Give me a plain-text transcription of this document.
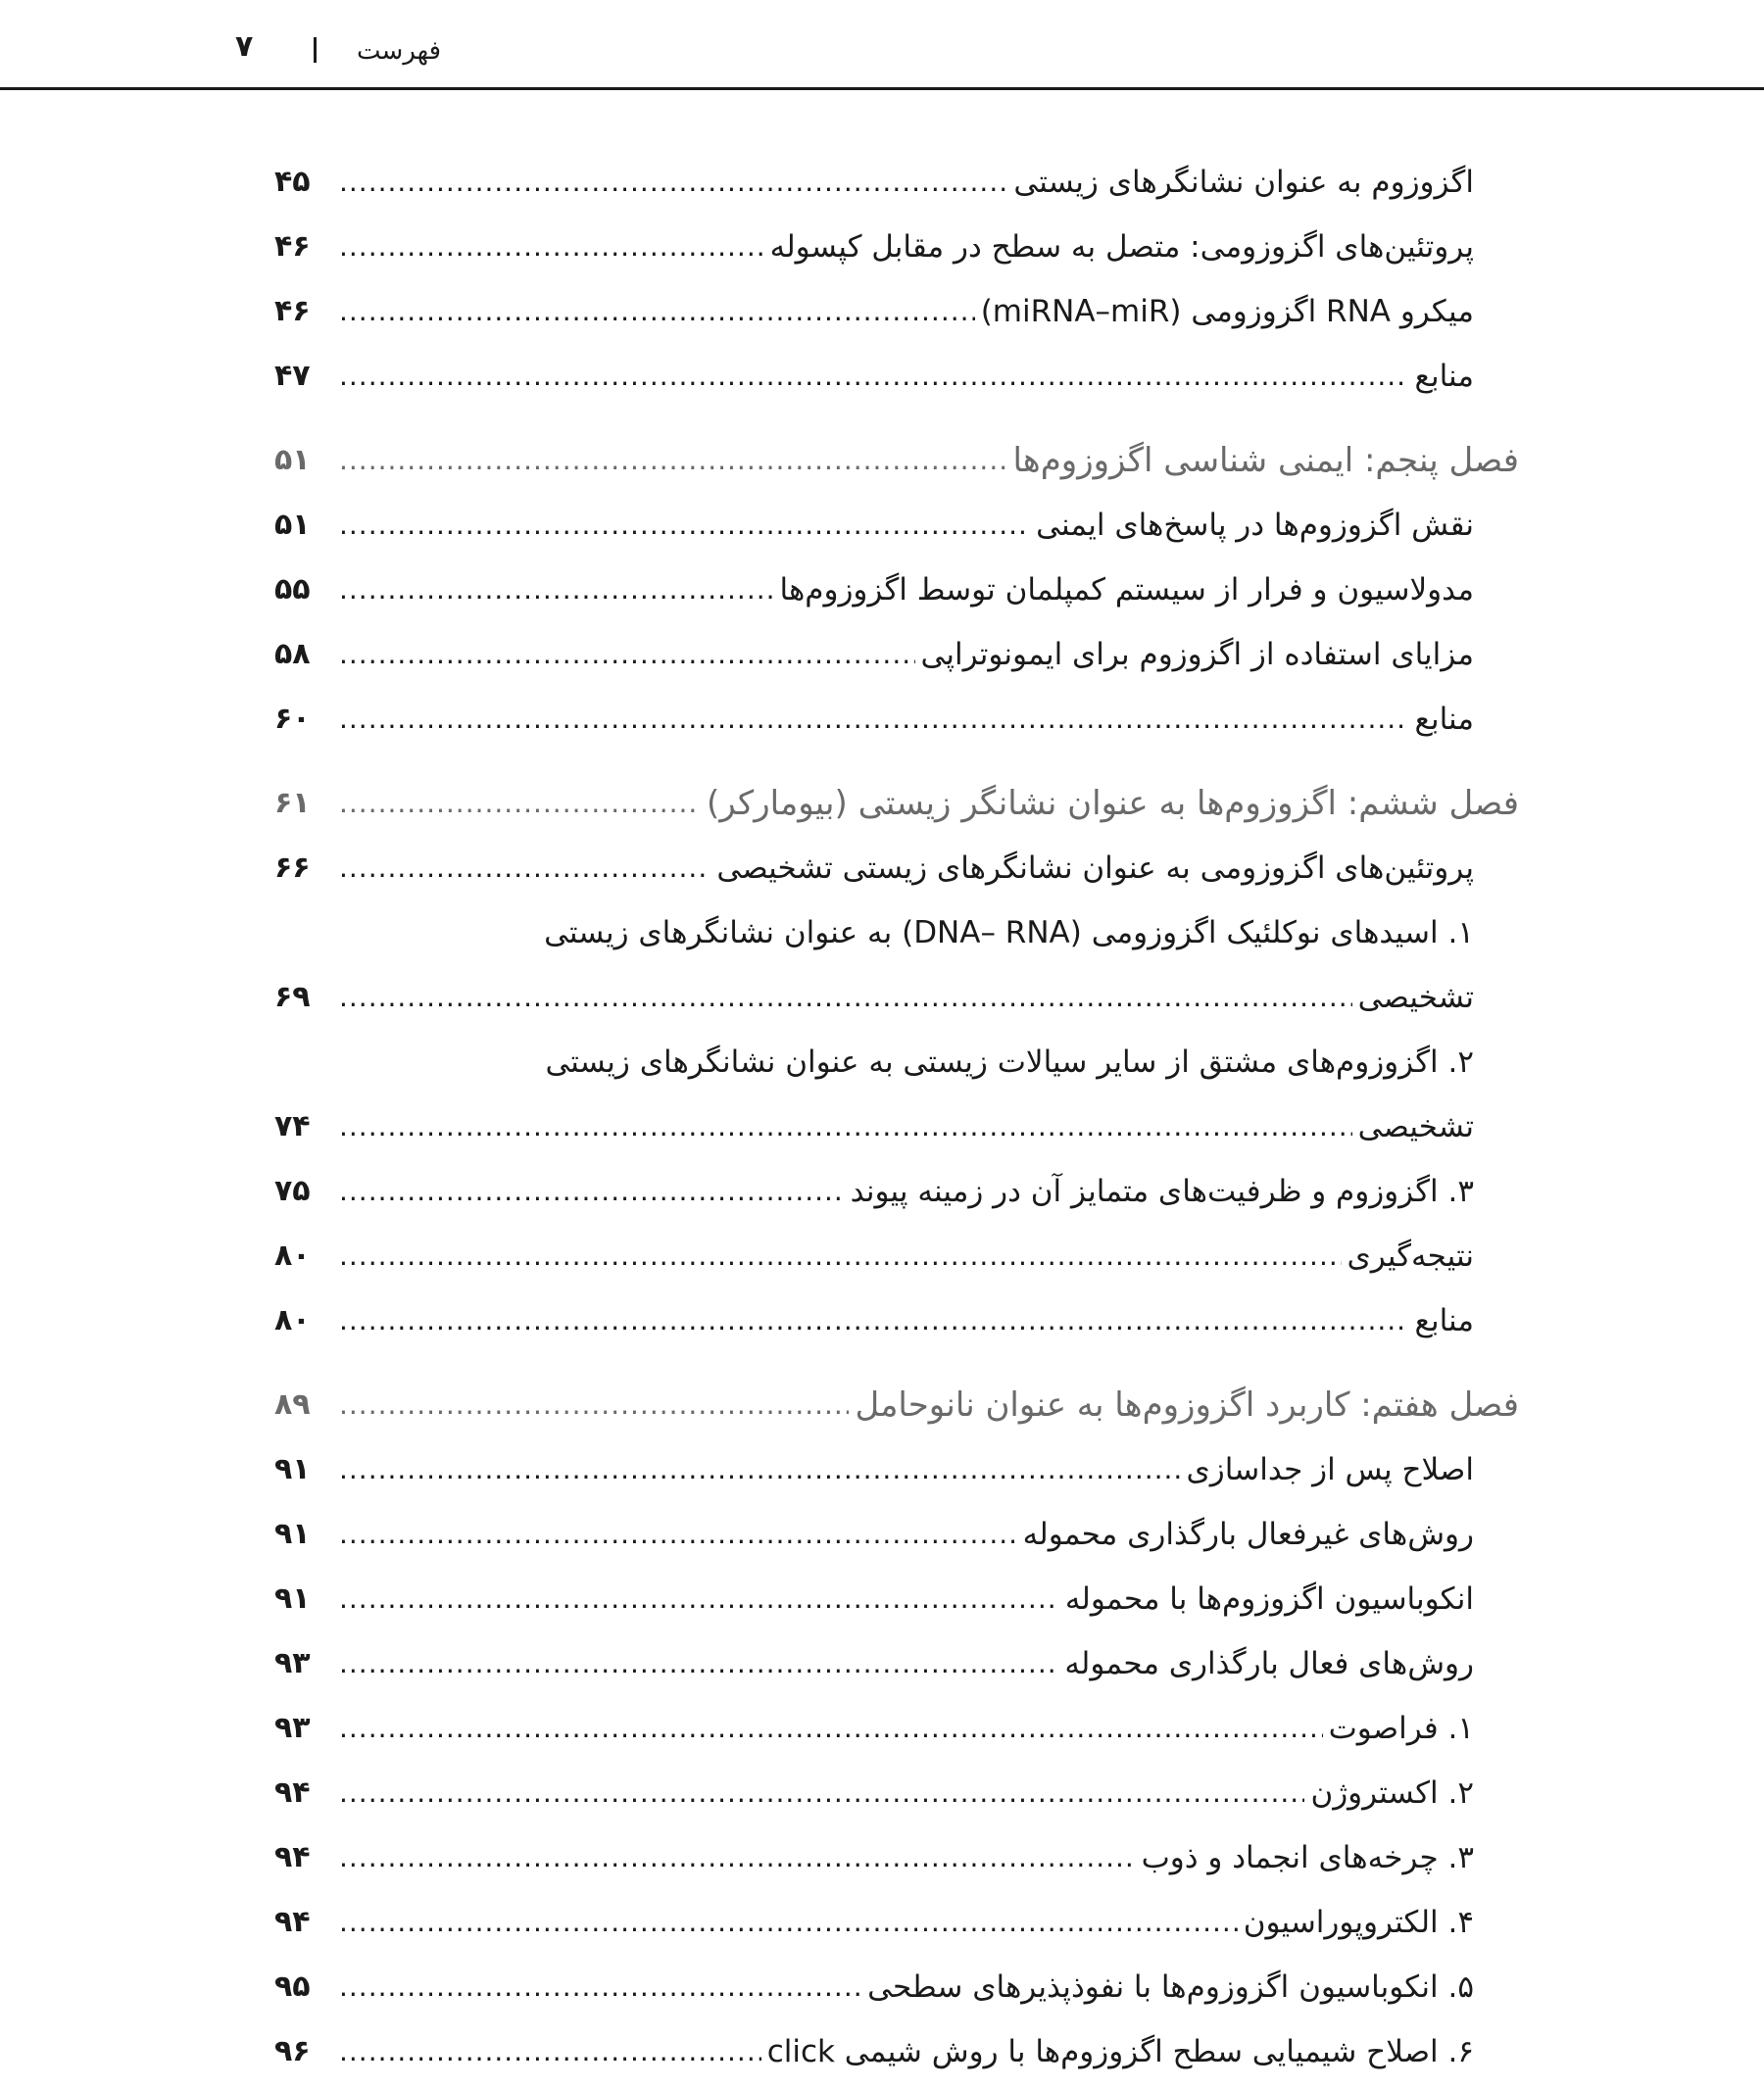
۷	فهرست
اگزوزوم به عنوان نشانگرهای زیستی
.....
۴۵
پروتئین‌های اگزوزومی: متصل به سطح در مقابل کپسوله
.....
۴۶
میکرو RNA اگزوزومی (miRNA–miR)
.....
۴۶
منابع
.....
۴۷
فصل پنجم: ایمنی شناسی اگزوزوم‌ها
.....
۵۱
نقش اگزوزوم‌ها در پاسخ‌های ایمنی
.....
۵۱
مدولاسیون و فرار از سیستم کمپلمان توسط اگزوزوم‌ها
.....
۵۵
مزایای استفاده از اگزوزوم برای ایمونوتراپی
.....
۵۸
منابع
.....
۶۰
فصل ششم: اگزوزوم‌ها به عنوان نشانگر زیستی (بیومارکر)
.....
۶۱
پروتئین‌های اگزوزومی به عنوان نشانگرهای زیستی تشخیصی
.....
۶۶
۱. اسیدهای نوکلئیک اگزوزومی (DNA– RNA) به عنوان نشانگرهای زیستی
تشخیصی
.....
۶۹
۲. اگزوزوم‌های مشتق از سایر سیالات زیستی به عنوان نشانگرهای زیستی
تشخیصی
.....
۷۴
۳. اگزوزوم و ظرفیت‌های متمایز آن در زمینه پیوند
.....
۷۵
نتیجه‌گیری
.....
۸۰
منابع
.....
۸۰
فصل هفتم: کاربرد اگزوزوم‌ها به عنوان نانوحامل
.....
۸۹
اصلاح پس از جداسازی
.....
۹۱
روش‌های غیرفعال بارگذاری محموله
.....
۹۱
انکوباسیون اگزوزوم‌ها با محموله
.....
۹۱
روش‌های فعال بارگذاری محموله
.....
۹۳
۱. فراصوت
.....
۹۳
۲. اکستروژن
.....
۹۴
۳. چرخه‌های انجماد و ذوب
.....
۹۴
۴. الکتروپوراسیون
.....
۹۴
۵. انکوباسیون اگزوزوم‌ها با نفوذپذیرهای سطحی
.....
۹۵
۶. اصلاح شیمیایی سطح اگزوزوم‌ها با روش شیمی click
.....
۹۶
